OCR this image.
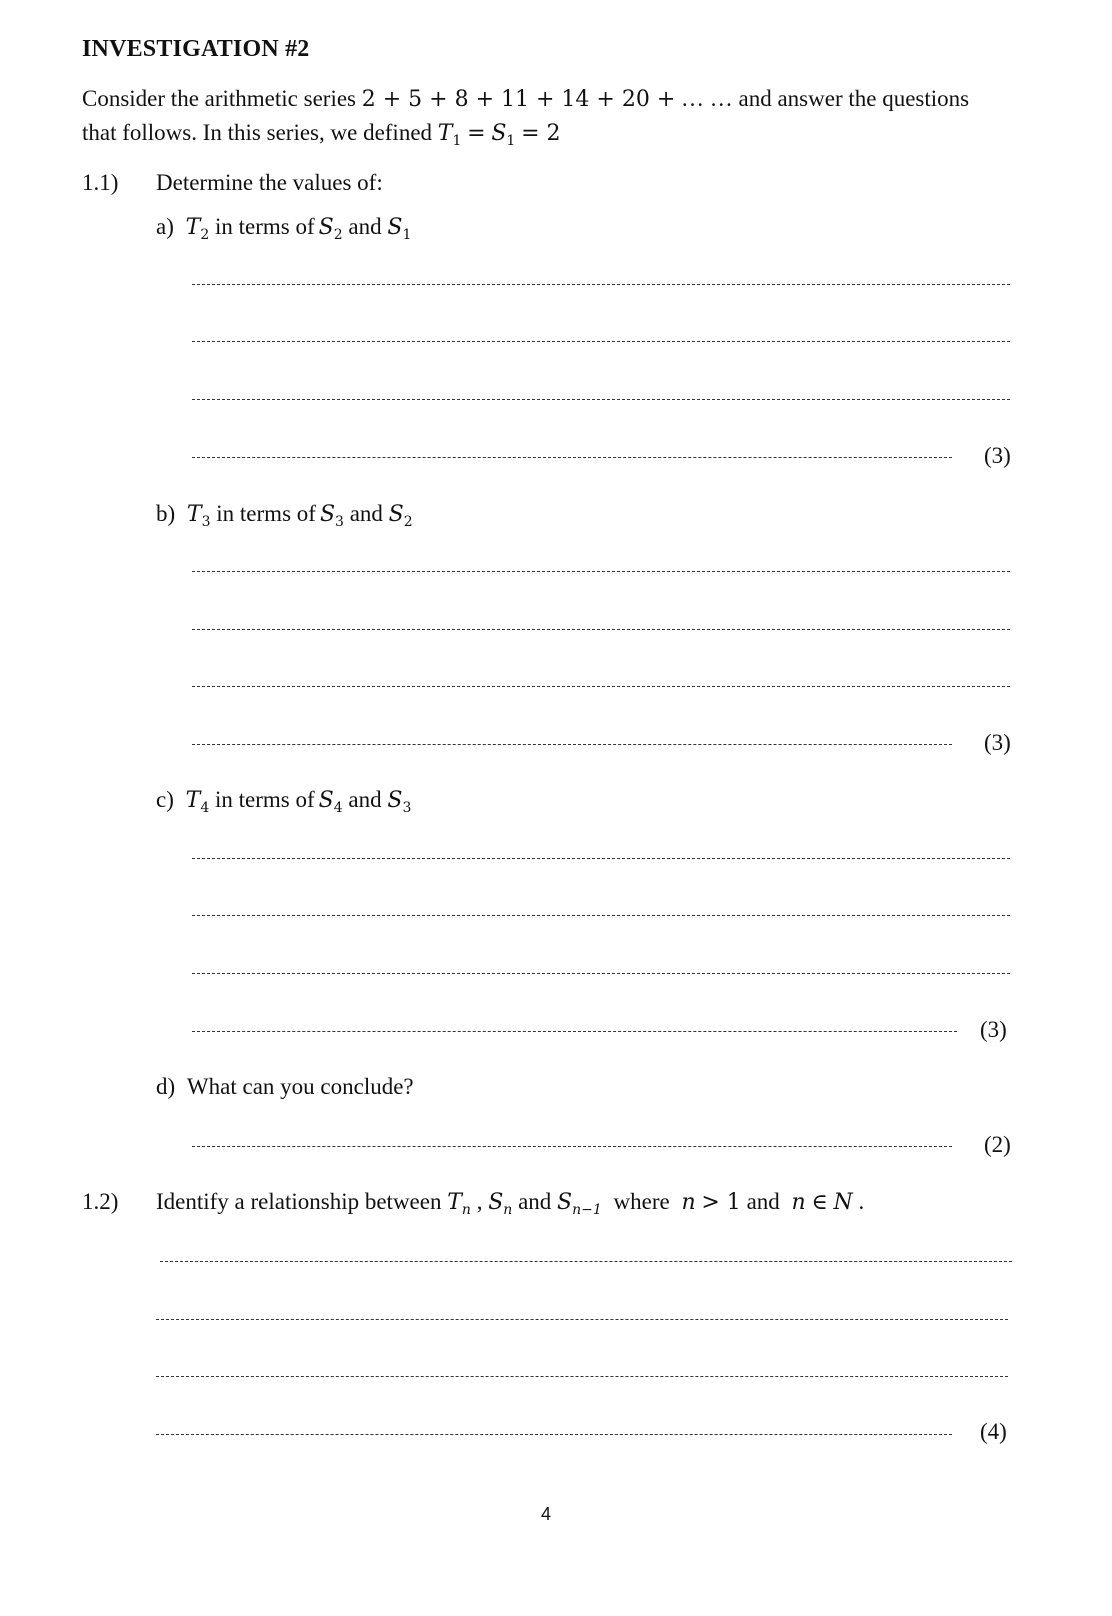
INVESTIGATION #2
Consider the arithmetic series 2 + 5 + 8 + 11 + 14 + 20 + … … and answer the questions
that follows. In this series, we defined $T_1 = S_1 = 2$
1.1) Determine the values of:
a) $T_2$ in terms of $S_2$ and $S_1$
(3)
b) $T_3$ in terms of $S_3$ and $S_2$
(3)
c) $T_4$ in terms of $S_4$ and $S_3$
(3)
d) What can you conclude?
(2)
1.2) Identify a relationship between $T_n$ , $S_n$ and $S_{n-1}$ where n > 1 and n ∈ N .
(4)
4
